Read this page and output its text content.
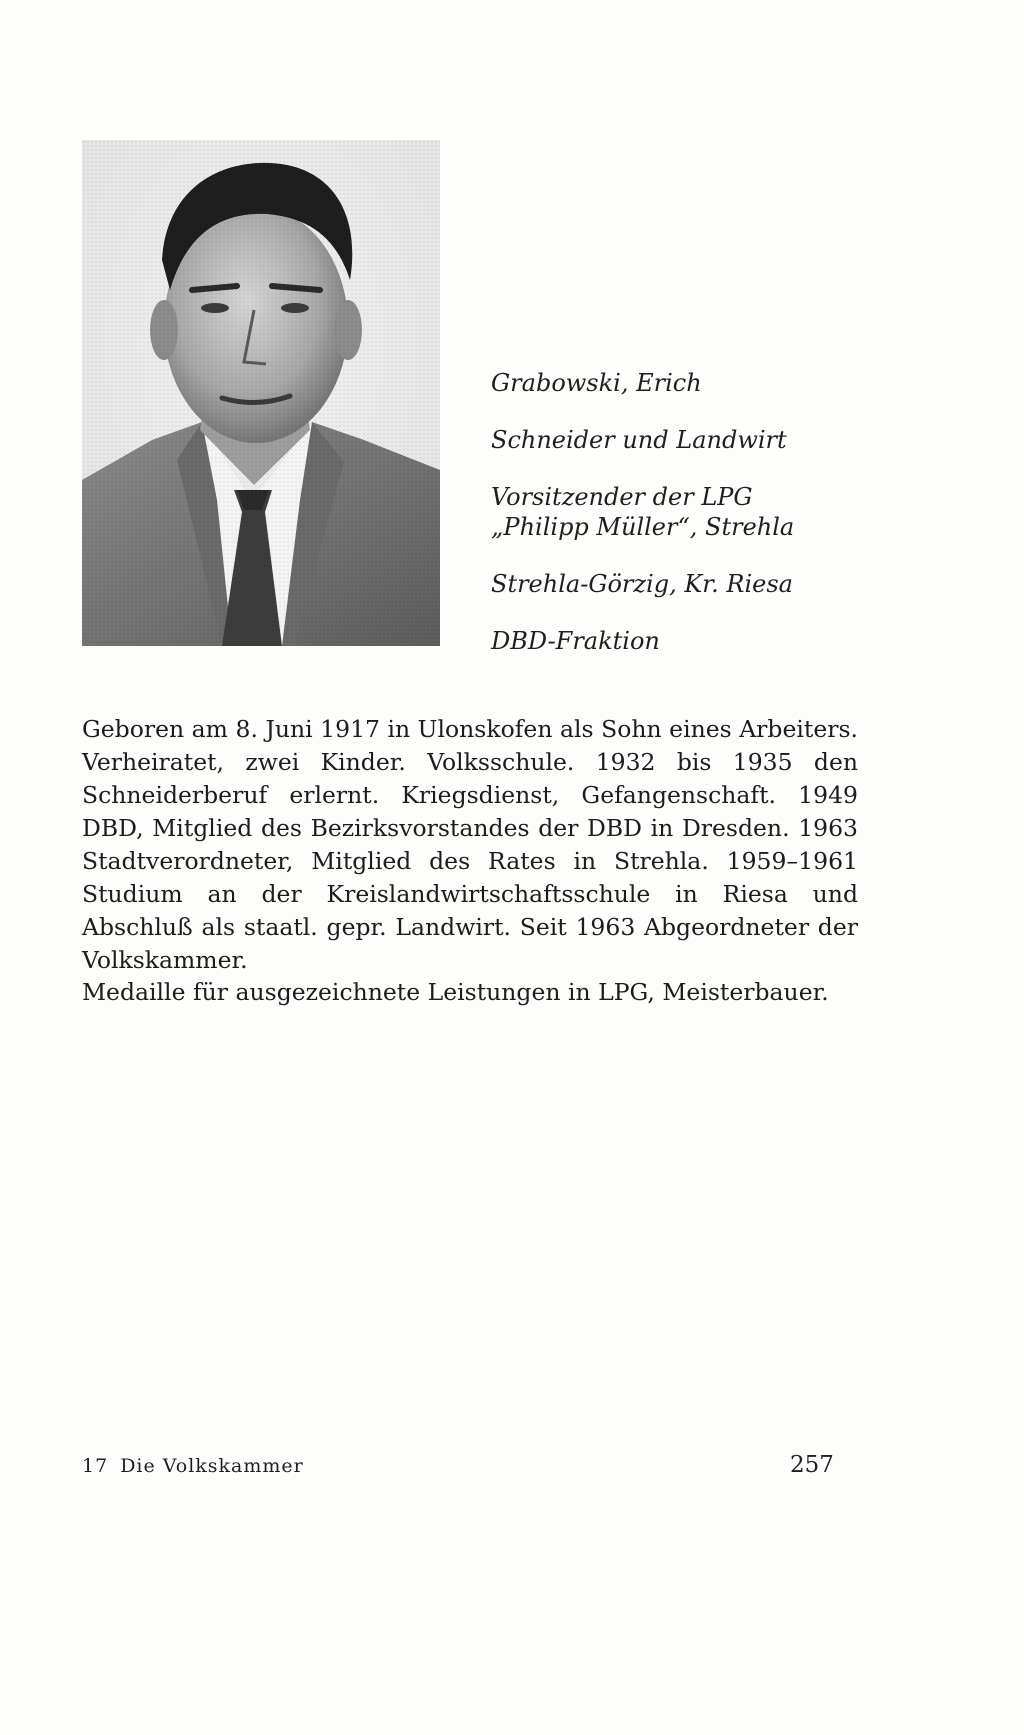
Grabowski, Erich

Schneider und Landwirt

Vorsitzender der LPG

„Philipp Müller“, Strehla

Strehla-Görzig, Kr. Riesa

DBD-Fraktion

Geboren am 8. Juni 1917 in Ulonskofen als Sohn eines Arbeiters. Verheiratet, zwei Kinder. Volksschule. 1932 bis 1935 den Schneiderberuf erlernt. Kriegsdienst, Gefangenschaft. 1949 DBD, Mitglied des Bezirksvorstandes der DBD in Dresden. 1963 Stadtverordneter, Mitglied des Rates in Strehla. 1959–1961 Studium an der Kreislandwirtschaftsschule in Riesa und Abschluß als staatl. gepr. Landwirt. Seit 1963 Abgeordneter der Volkskammer.

Medaille für ausgezeichnete Leistungen in LPG, Meisterbauer.

17 Die Volkskammer	257
